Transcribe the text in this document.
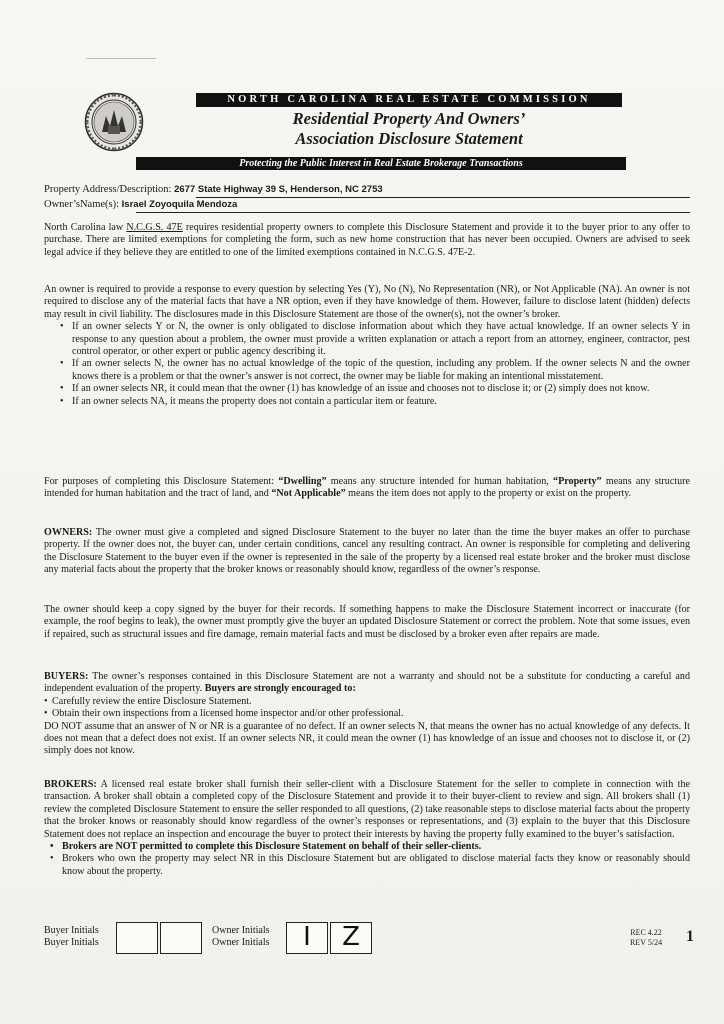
NORTH CAROLINA REAL ESTATE COMMISSION
Residential Property And Owners’
Association Disclosure Statement
Protecting the Public Interest in Real Estate Brokerage Transactions
Property Address/Description: 2677 State Highway 39 S, Henderson, NC 2753
Owner’sName(s): Israel Zoyoquila Mendoza

North Carolina law N.C.G.S. 47E requires residential property owners to complete this Disclosure Statement and provide it to the buyer prior to any offer to purchase. There are limited exemptions for completing the form, such as new home construction that has never been occupied. Owners are advised to seek legal advice if they believe they are entitled to one of the limited exemptions contained in N.C.G.S. 47E-2.

An owner is required to provide a response to every question by selecting Yes (Y), No (N), No Representation (NR), or Not Applicable (NA). An owner is not required to disclose any of the material facts that have a NR option, even if they have knowledge of them. However, failure to disclose latent (hidden) defects may result in civil liability. The disclosures made in this Disclosure Statement are those of the owner(s), not the owner’s broker.

• If an owner selects Y or N, the owner is only obligated to disclose information about which they have actual knowledge. If an owner selects Y in response to any question about a problem, the owner must provide a written explanation or attach a report from an attorney, engineer, contractor, pest control operator, or other expert or public agency describing it.
• If an owner selects N, the owner has no actual knowledge of the topic of the question, including any problem. If the owner selects N and the owner knows there is a problem or that the owner’s answer is not correct, the owner may be liable for making an intentional misstatement.
• If an owner selects NR, it could mean that the owner (1) has knowledge of an issue and chooses not to disclose it; or (2) simply does not know.
• If an owner selects NA, it means the property does not contain a particular item or feature.

For purposes of completing this Disclosure Statement: “Dwelling” means any structure intended for human habitation, “Property” means any structure intended for human habitation and the tract of land, and “Not Applicable” means the item does not apply to the property or exist on the property.

OWNERS: The owner must give a completed and signed Disclosure Statement to the buyer no later than the time the buyer makes an offer to purchase property. If the owner does not, the buyer can, under certain conditions, cancel any resulting contract. An owner is responsible for completing and delivering the Disclosure Statement to the buyer even if the owner is represented in the sale of the property by a licensed real estate broker and the broker must disclose any material facts about the property that the broker knows or reasonably should know, regardless of the owner’s response.

The owner should keep a copy signed by the buyer for their records. If something happens to make the Disclosure Statement incorrect or inaccurate (for example, the roof begins to leak), the owner must promptly give the buyer an updated Disclosure Statement or correct the problem. Note that some issues, even if repaired, such as structural issues and fire damage, remain material facts and must be disclosed by a broker even after repairs are made.

BUYERS: The owner’s responses contained in this Disclosure Statement are not a warranty and should not be a substitute for conducting a careful and independent evaluation of the property. Buyers are strongly encouraged to:

• Carefully review the entire Disclosure Statement.
• Obtain their own inspections from a licensed home inspector and/or other professional.

DO NOT assume that an answer of N or NR is a guarantee of no defect. If an owner selects N, that means the owner has no actual knowledge of any defects. It does not mean that a defect does not exist. If an owner selects NR, it could mean the owner (1) has knowledge of an issue and chooses not to disclose it, or (2) simply does not know.

BROKERS: A licensed real estate broker shall furnish their seller-client with a Disclosure Statement for the seller to complete in connection with the transaction. A broker shall obtain a completed copy of the Disclosure Statement and provide it to their buyer-client to review and sign. All brokers shall (1) review the completed Disclosure Statement to ensure the seller responded to all questions, (2) take reasonable steps to disclose material facts about the property that the broker knows or reasonably should know regardless of the owner’s responses or representations, and (3) explain to the buyer that this Disclosure Statement does not replace an inspection and encourage the buyer to protect their interests by having the property fully examined to the buyer’s satisfaction.

• Brokers are NOT permitted to complete this Disclosure Statement on behalf of their seller-clients.
• Brokers who own the property may select NR in this Disclosure Statement but are obligated to disclose material facts they know or reasonably should know about the property.
Buyer Initials
Buyer Initials
Owner Initials
Owner Initials	I	Z	REC 4.22
REV 5/24 1
